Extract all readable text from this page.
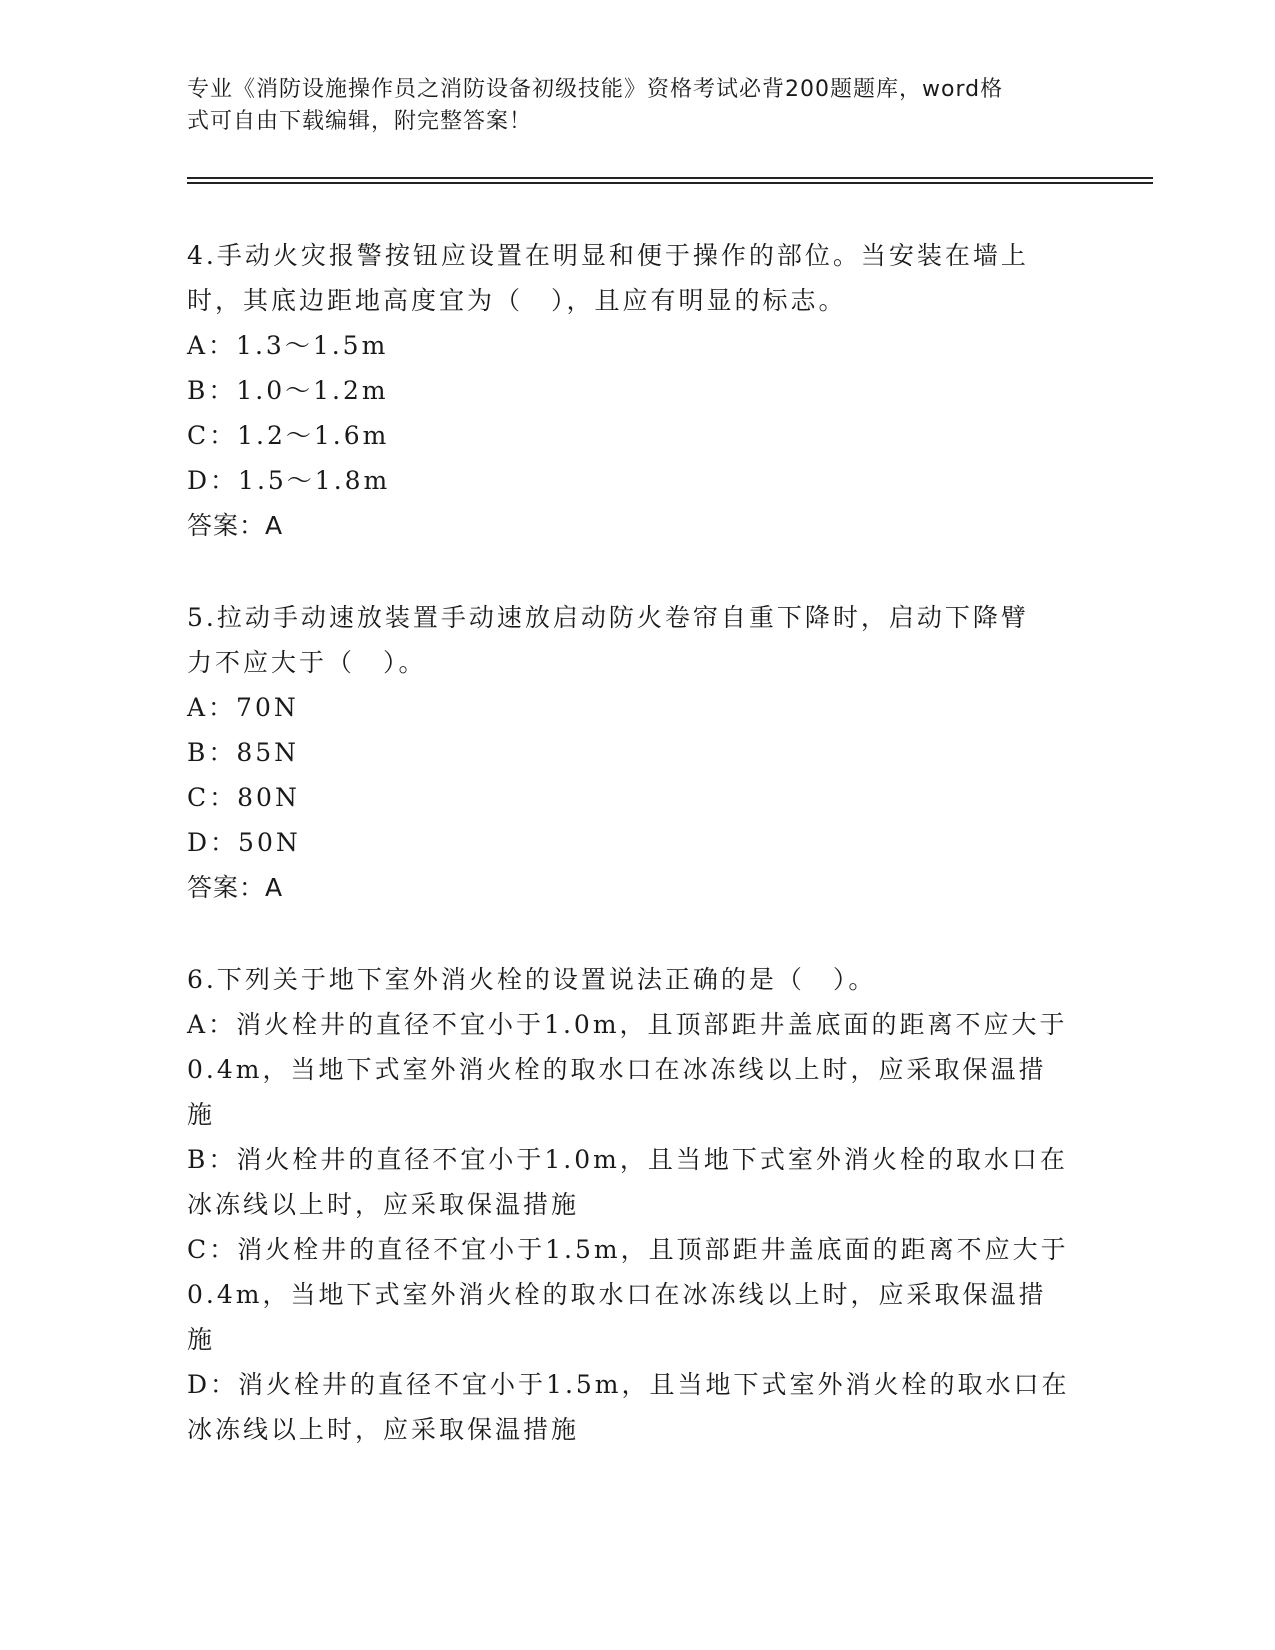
专业《消防设施操作员之消防设备初级技能》资格考试必背200题题库，word格
式可自由下载编辑，附完整答案！

4.手动火灾报警按钮应设置在明显和便于操作的部位。当安装在墙上

时，其底边距地高度宜为（　），且应有明显的标志。

A：1.3～1.5m

B：1.0～1.2m

C：1.2～1.6m

D：1.5～1.8m

答案：A

5.拉动手动速放装置手动速放启动防火卷帘自重下降时，启动下降臂

力不应大于（　）。

A：70N

B：85N

C：80N

D：50N

答案：A

6.下列关于地下室外消火栓的设置说法正确的是（　）。

A：消火栓井的直径不宜小于1.0m，且顶部距井盖底面的距离不应大于

0.4m，当地下式室外消火栓的取水口在冰冻线以上时，应采取保温措

施

B：消火栓井的直径不宜小于1.0m，且当地下式室外消火栓的取水口在

冰冻线以上时，应采取保温措施

C：消火栓井的直径不宜小于1.5m，且顶部距井盖底面的距离不应大于

0.4m，当地下式室外消火栓的取水口在冰冻线以上时，应采取保温措

施

D：消火栓井的直径不宜小于1.5m，且当地下式室外消火栓的取水口在

冰冻线以上时，应采取保温措施
